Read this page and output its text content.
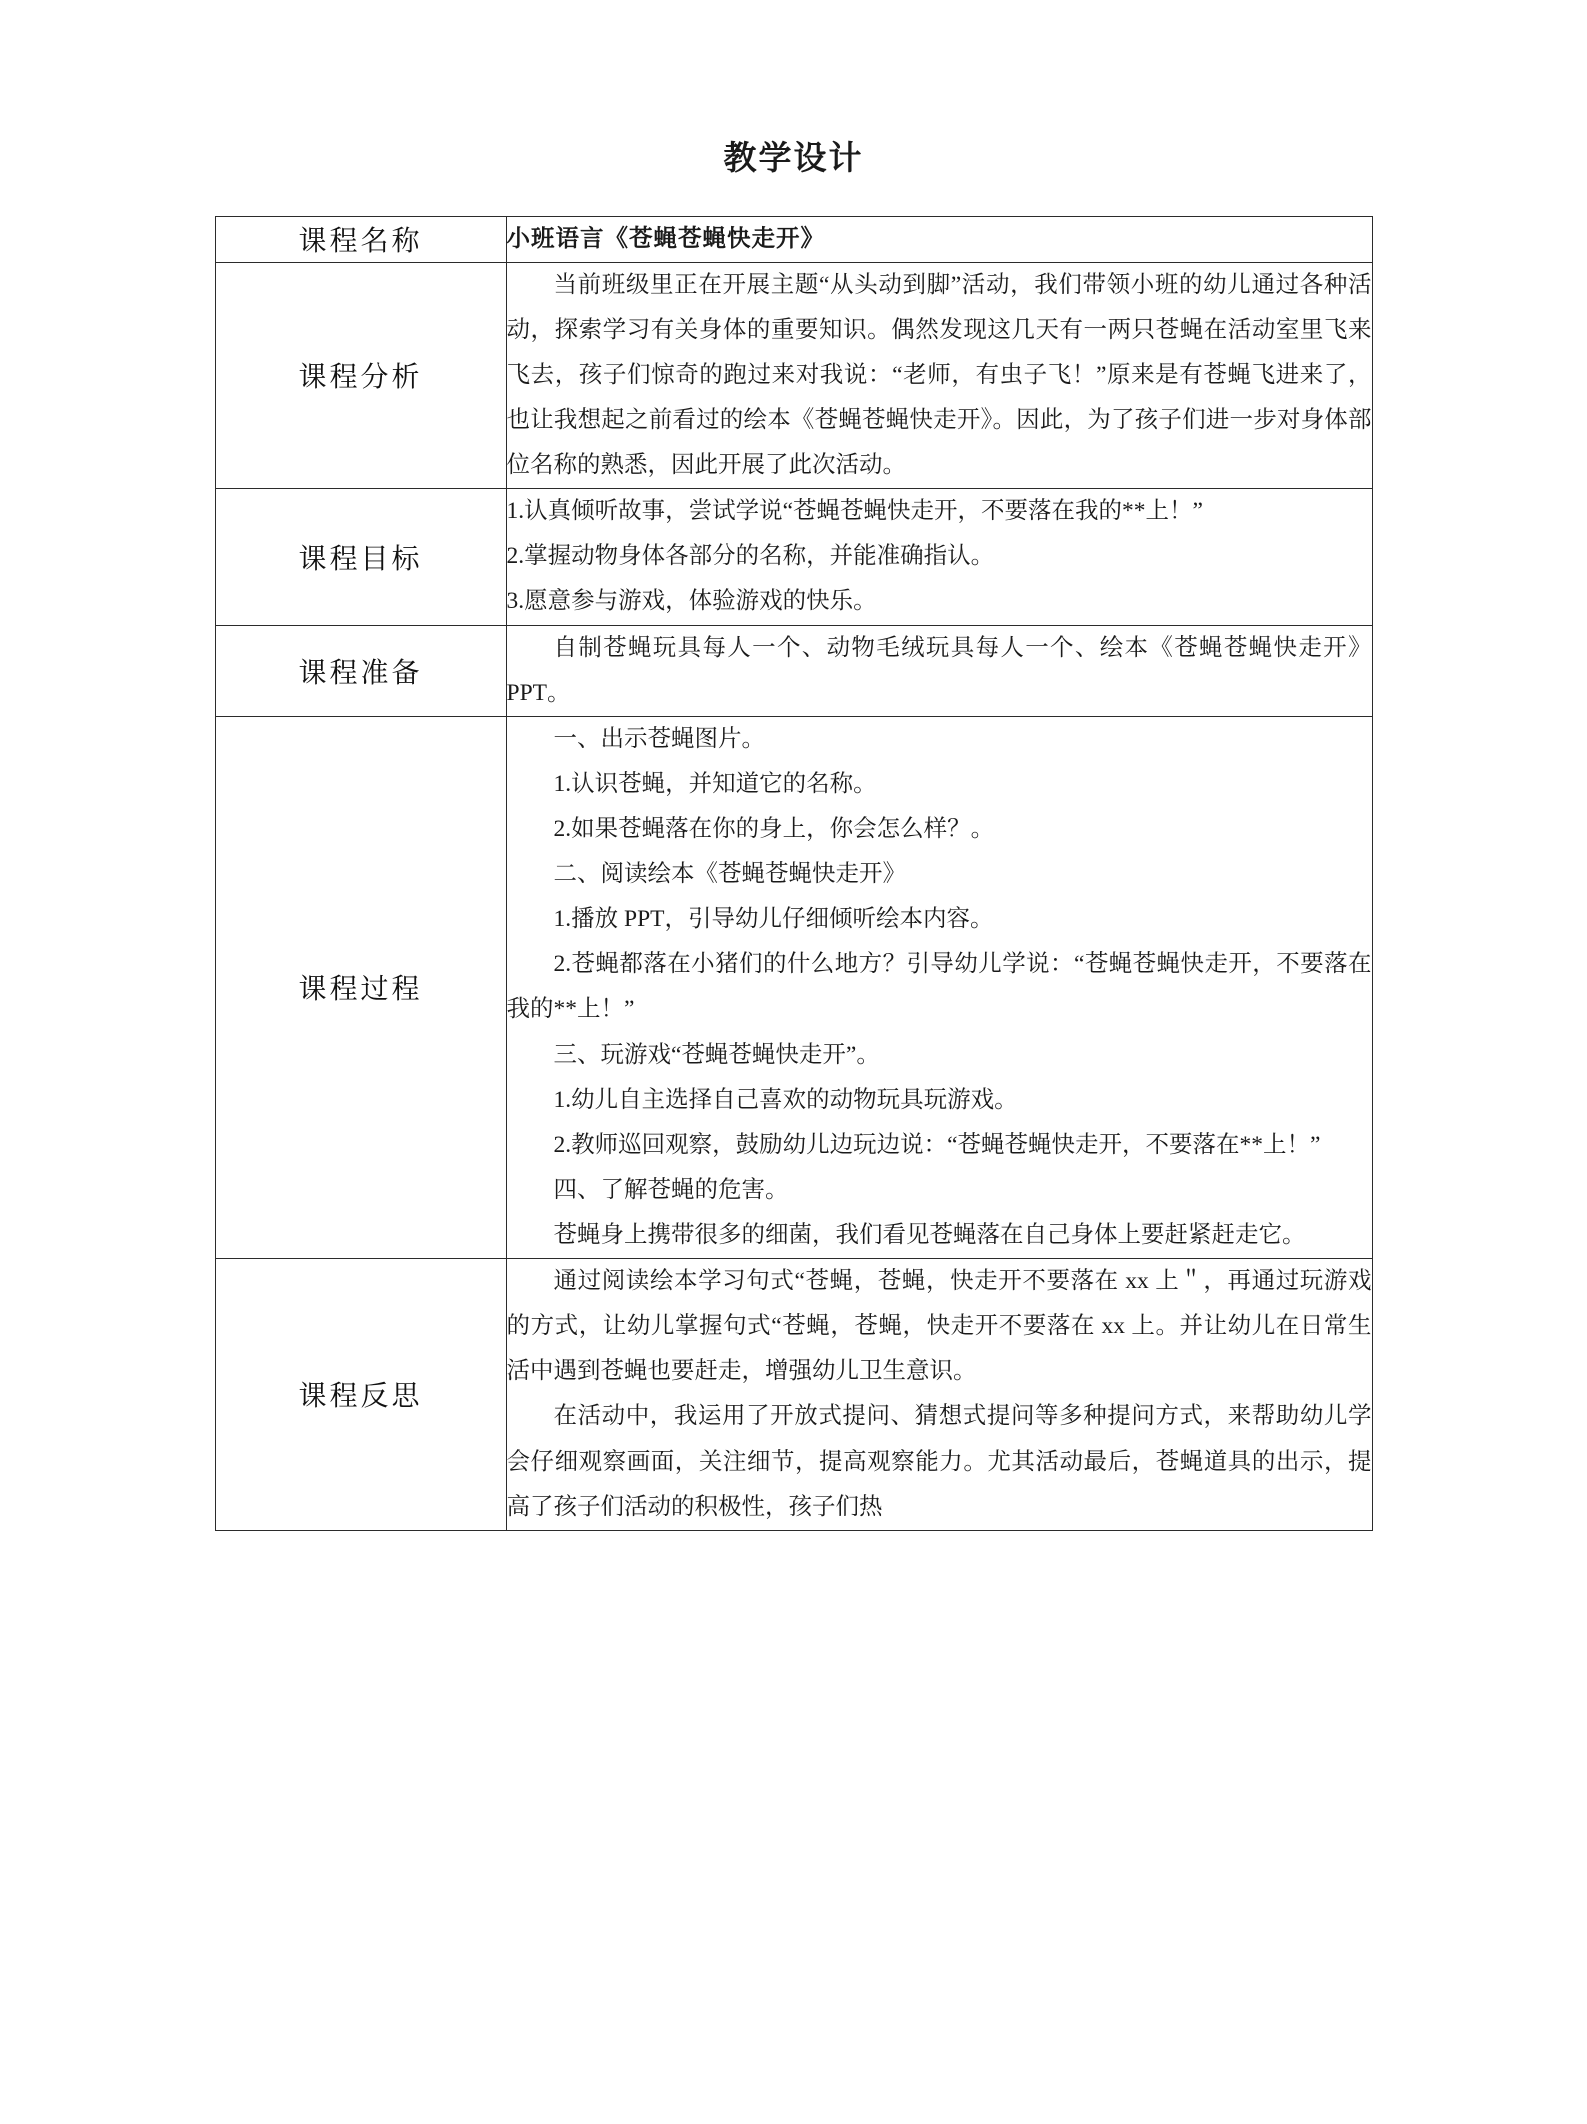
教学设计
课程名称	小班语言《苍蝇苍蝇快走开》
课程分析	当前班级里正在开展主题“从头动到脚”活动，我们带领小班的幼儿通过各种活动，探索学习有关身体的重要知识。偶然发现这几天有一两只苍蝇在活动室里飞来飞去，孩子们惊奇的跑过来对我说：“老师，有虫子飞！”原来是有苍蝇飞进来了，也让我想起之前看过的绘本《苍蝇苍蝇快走开》。因此，为了孩子们进一步对身体部位名称的熟悉，因此开展了此次活动。

课程目标	1.认真倾听故事，尝试学说“苍蝇苍蝇快走开，不要落在我的**上！”

2.掌握动物身体各部分的名称，并能准确指认。

3.愿意参与游戏，体验游戏的快乐。

课程准备	自制苍蝇玩具每人一个、动物毛绒玩具每人一个、绘本《苍蝇苍蝇快走开》PPT。

课程过程	

一、出示苍蝇图片。

1.认识苍蝇，并知道它的名称。

2.如果苍蝇落在你的身上，你会怎么样？。

二、阅读绘本《苍蝇苍蝇快走开》

1.播放 PPT，引导幼儿仔细倾听绘本内容。

2.苍蝇都落在小猪们的什么地方？引导幼儿学说：“苍蝇苍蝇快走开，不要落在我的**上！”

三、玩游戏“苍蝇苍蝇快走开”。

1.幼儿自主选择自己喜欢的动物玩具玩游戏。

2.教师巡回观察，鼓励幼儿边玩边说：“苍蝇苍蝇快走开，不要落在**上！”

四、了解苍蝇的危害。

苍蝇身上携带很多的细菌，我们看见苍蝇落在自己身体上要赶紧赶走它。

课程反思	通过阅读绘本学习句式“苍蝇，苍蝇，快走开不要落在 xx 上＂，再通过玩游戏的方式，让幼儿掌握句式“苍蝇，苍蝇，快走开不要落在 xx 上。并让幼儿在日常生活中遇到苍蝇也要赶走，增强幼儿卫生意识。

在活动中，我运用了开放式提问、猜想式提问等多种提问方式，来帮助幼儿学会仔细观察画面，关注细节，提高观察能力。尤其活动最后，苍蝇道具的出示，提高了孩子们活动的积极性，孩子们热
